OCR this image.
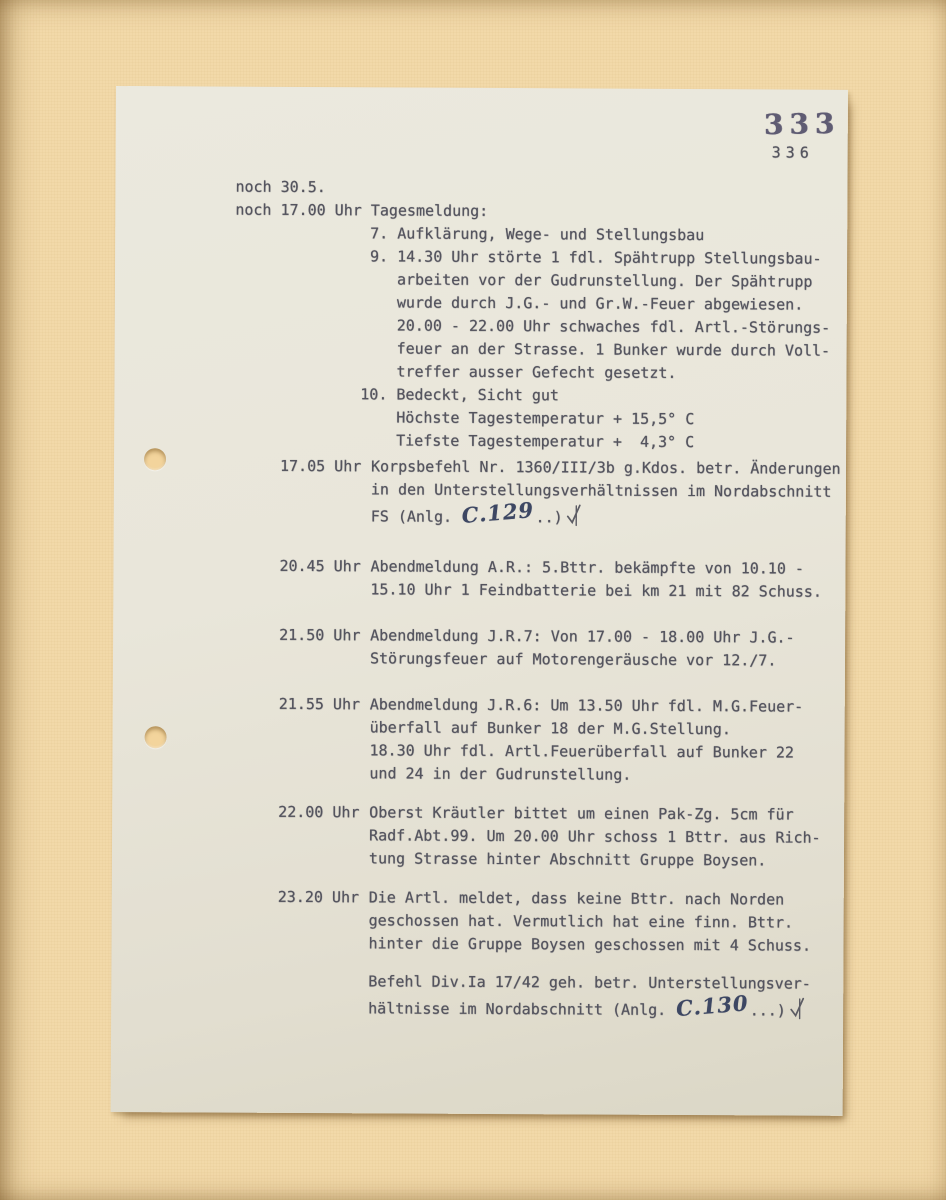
333
336
noch 30.5.
noch 17.00 Uhr Tagesmeldung:
7. Aufklärung, Wege- und Stellungsbau
9. 14.30 Uhr störte 1 fdl. Spähtrupp Stellungsbau-
arbeiten vor der Gudrunstellung. Der Spähtrupp
wurde durch J.G.- und Gr.W.-Feuer abgewiesen.
20.00 - 22.00 Uhr schwaches fdl. Artl.-Störungs-
feuer an der Strasse. 1 Bunker wurde durch Voll-
treffer ausser Gefecht gesetzt.
10. Bedeckt, Sicht gut
Höchste Tagestemperatur + 15,5° C
Tiefste Tagestemperatur +  4,3° C
17.05 Uhr Korpsbefehl Nr. 1360/III/3b g.Kdos. betr. Änderungen
in den Unterstellungsverhältnissen im Nordabschnitt
FS (Anlg. C.129..)
20.45 Uhr Abendmeldung A.R.: 5.Bttr. bekämpfte von 10.10 -
15.10 Uhr 1 Feindbatterie bei km 21 mit 82 Schuss.
21.50 Uhr Abendmeldung J.R.7: Von 17.00 - 18.00 Uhr J.G.-
Störungsfeuer auf Motorengeräusche vor 12./7.
21.55 Uhr Abendmeldung J.R.6: Um 13.50 Uhr fdl. M.G.Feuer-
überfall auf Bunker 18 der M.G.Stellung.
18.30 Uhr fdl. Artl.Feuerüberfall auf Bunker 22
und 24 in der Gudrunstellung.
22.00 Uhr Oberst Kräutler bittet um einen Pak-Zg. 5cm für
Radf.Abt.99. Um 20.00 Uhr schoss 1 Bttr. aus Rich-
tung Strasse hinter Abschnitt Gruppe Boysen.
23.20 Uhr Die Artl. meldet, dass keine Bttr. nach Norden
geschossen hat. Vermutlich hat eine finn. Bttr.
hinter die Gruppe Boysen geschossen mit 4 Schuss.
Befehl Div.Ia 17/42 geh. betr. Unterstellungsver-
hältnisse im Nordabschnitt (Anlg. C.130...)
